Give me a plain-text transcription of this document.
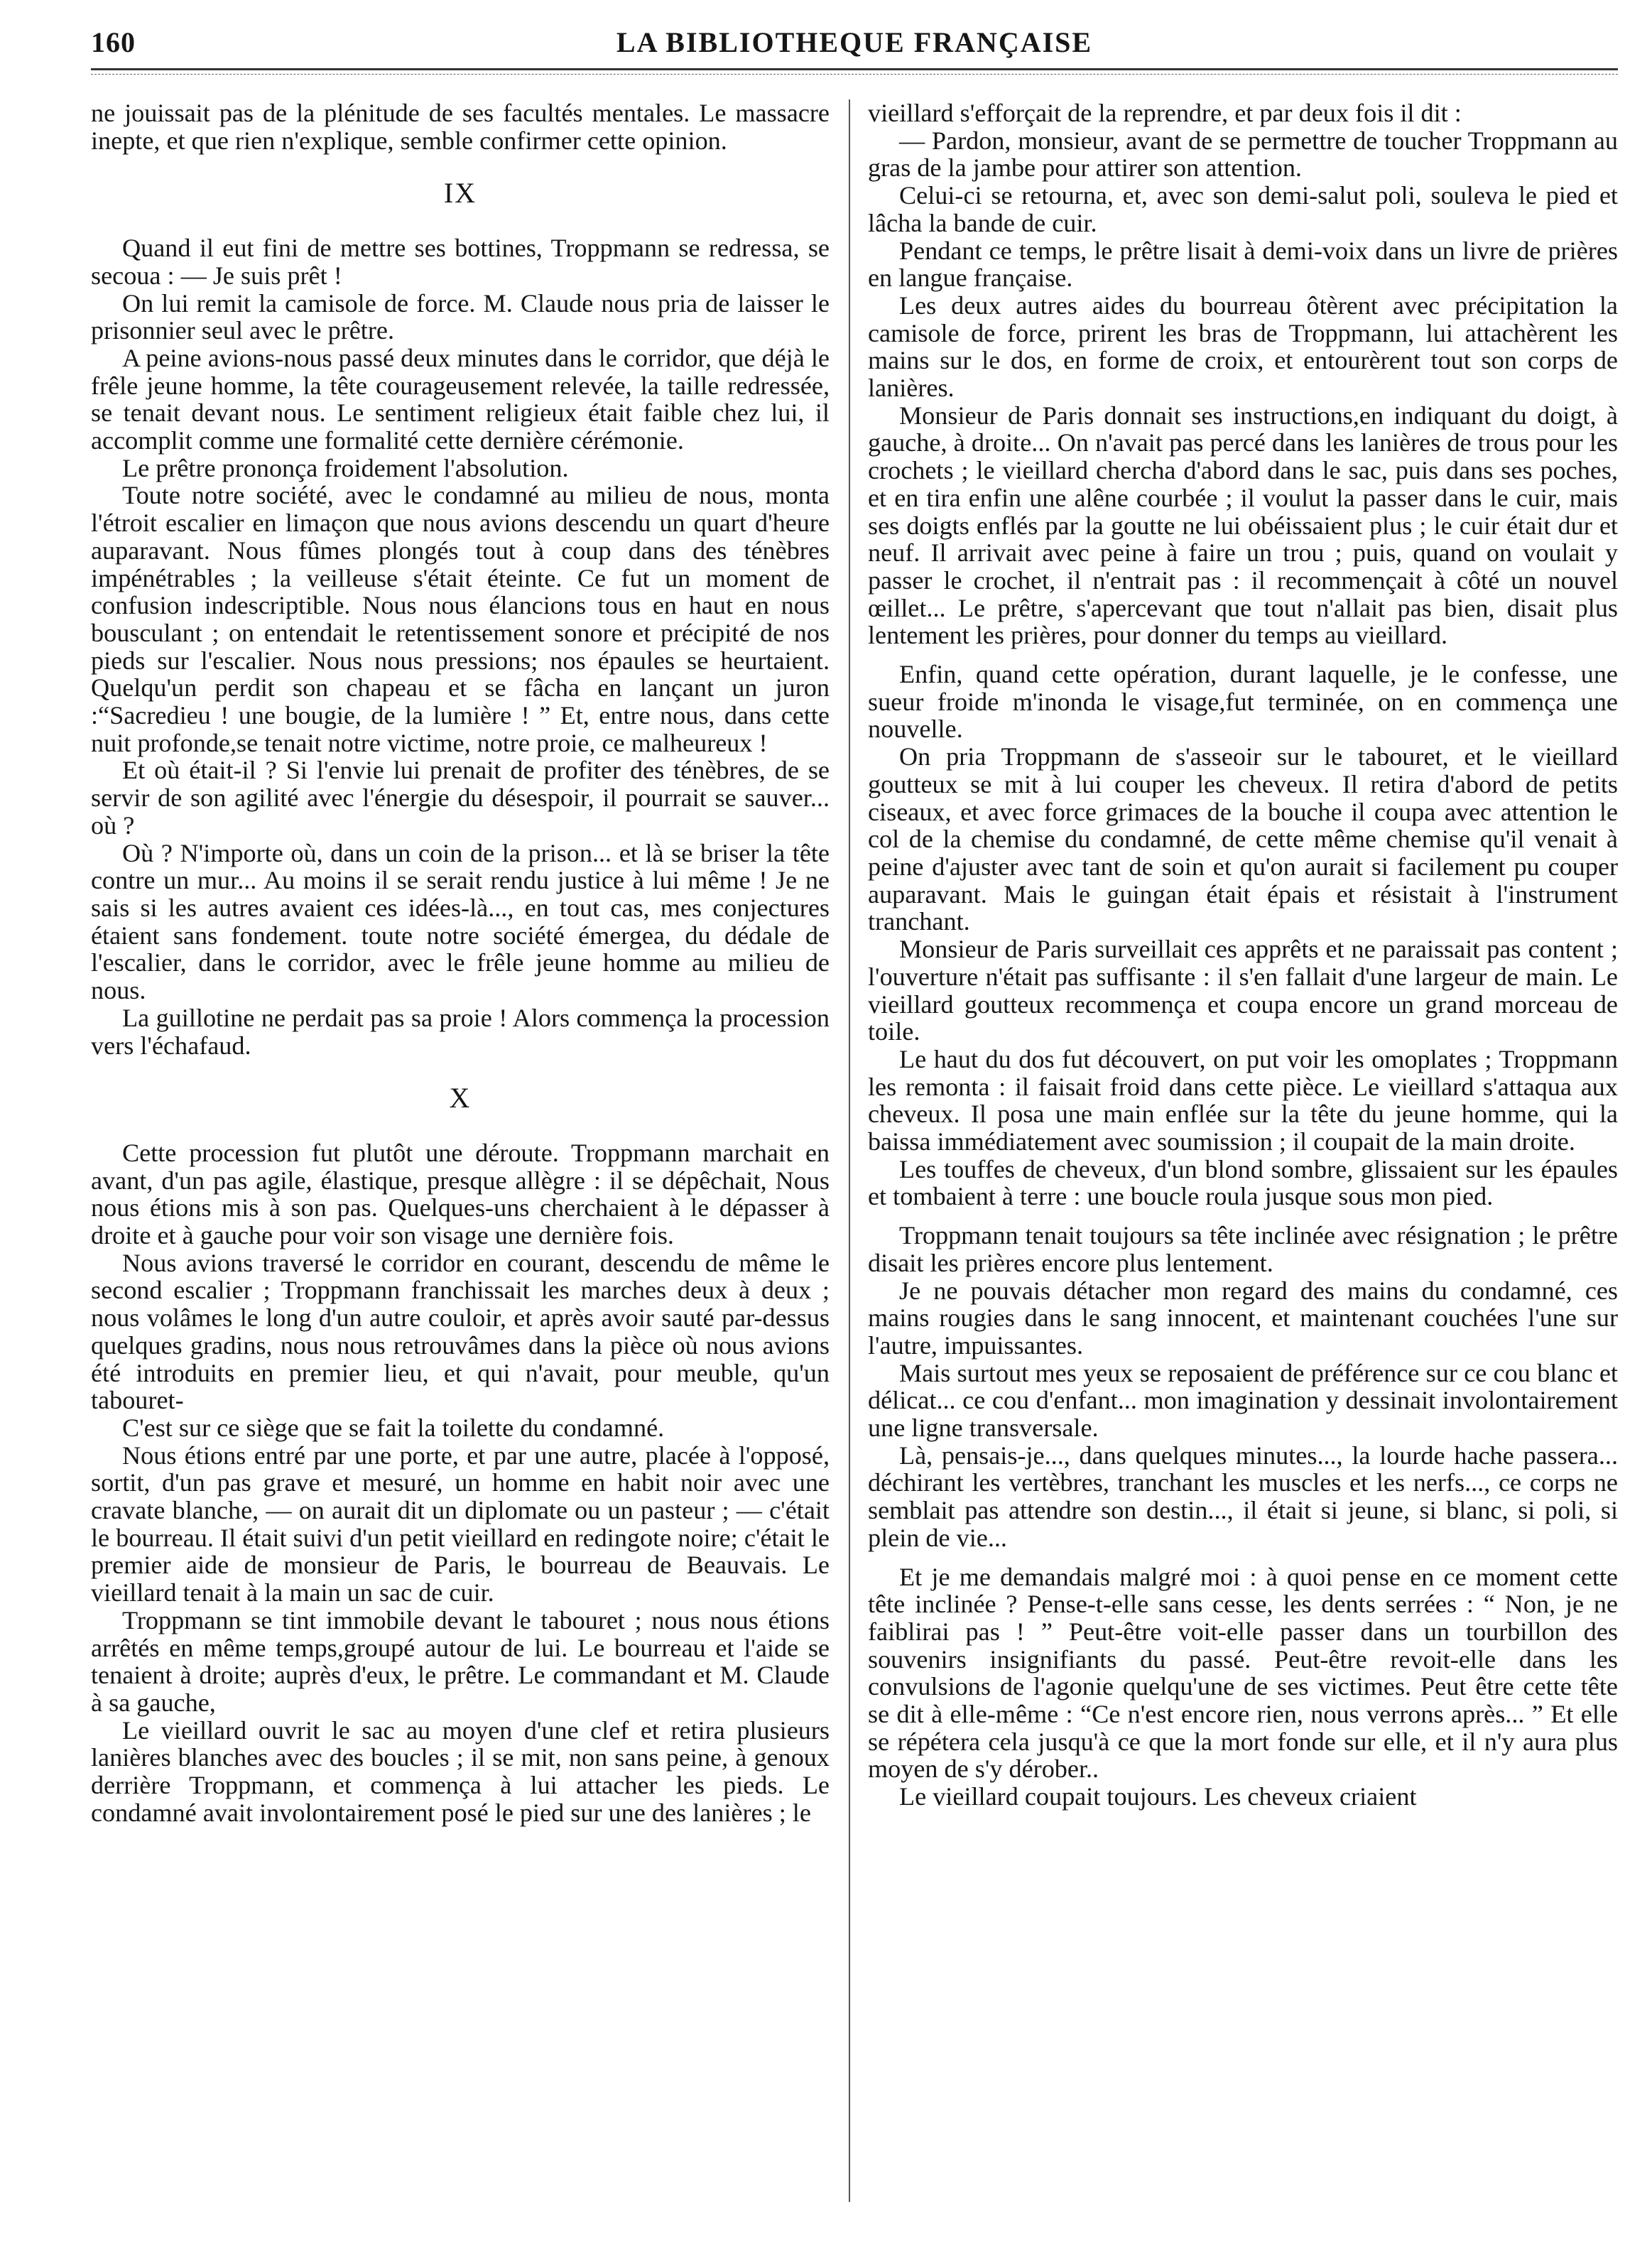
160	LA BIBLIOTHEQUE FRANÇAISE

ne jouissait pas de la plénitude de ses facultés mentales. Le massacre inepte, et que rien n'explique, semble confirmer cette opinion.

IX

Quand il eut fini de mettre ses bottines, Troppmann se redressa, se secoua : — Je suis prêt !

On lui remit la camisole de force. M. Claude nous pria de laisser le prisonnier seul avec le prêtre.

A peine avions-nous passé deux minutes dans le corridor, que déjà le frêle jeune homme, la tête courageusement relevée, la taille redressée, se tenait devant nous. Le sentiment religieux était faible chez lui, il accomplit comme une formalité cette dernière cérémonie.

Le prêtre prononça froidement l'absolution.

Toute notre société, avec le condamné au milieu de nous, monta l'étroit escalier en limaçon que nous avions descendu un quart d'heure auparavant. Nous fûmes plongés tout à coup dans des ténèbres impénétrables ; la veilleuse s'était éteinte. Ce fut un moment de confusion indescriptible. Nous nous élancions tous en haut en nous bousculant ; on entendait le retentissement sonore et précipité de nos pieds sur l'escalier. Nous nous pressions; nos épaules se heurtaient. Quelqu'un perdit son chapeau et se fâcha en lançant un juron :“Sacredieu ! une bougie, de la lumière ! ” Et, entre nous, dans cette nuit profonde,se tenait notre victime, notre proie, ce malheureux !

Et où était-il ? Si l'envie lui prenait de profiter des ténèbres, de se servir de son agilité avec l'énergie du désespoir, il pourrait se sauver... où ?

Où ? N'importe où, dans un coin de la prison... et là se briser la tête contre un mur... Au moins il se serait rendu justice à lui même ! Je ne sais si les autres avaient ces idées-là..., en tout cas, mes conjectures étaient sans fondement. toute notre société émergea, du dédale de l'escalier, dans le corridor, avec le frêle jeune homme au milieu de nous.

La guillotine ne perdait pas sa proie ! Alors commença la procession vers l'échafaud.

X

Cette procession fut plutôt une déroute. Troppmann marchait en avant, d'un pas agile, élastique, presque allègre : il se dépêchait, Nous nous étions mis à son pas. Quelques-uns cherchaient à le dépasser à droite et à gauche pour voir son visage une dernière fois.

Nous avions traversé le corridor en courant, descendu de même le second escalier ; Troppmann franchissait les marches deux à deux ; nous volâmes le long d'un autre couloir, et après avoir sauté par-dessus quelques gradins, nous nous retrouvâmes dans la pièce où nous avions été introduits en premier lieu, et qui n'avait, pour meuble, qu'un tabouret-

C'est sur ce siège que se fait la toilette du condamné.

Nous étions entré par une porte, et par une autre, placée à l'opposé, sortit, d'un pas grave et mesuré, un homme en habit noir avec une cravate blanche, — on aurait dit un diplomate ou un pasteur ; — c'était le bourreau. Il était suivi d'un petit vieillard en redingote noire; c'était le premier aide de monsieur de Paris, le bourreau de Beauvais. Le vieillard tenait à la main un sac de cuir.

Troppmann se tint immobile devant le tabouret ; nous nous étions arrêtés en même temps,groupé autour de lui. Le bourreau et l'aide se tenaient à droite; auprès d'eux, le prêtre. Le commandant et M. Claude à sa gauche,

Le vieillard ouvrit le sac au moyen d'une clef et retira plusieurs lanières blanches avec des boucles ; il se mit, non sans peine, à genoux derrière Troppmann, et commença à lui attacher les pieds. Le condamné avait involontairement posé le pied sur une des lanières ; le

vieillard s'efforçait de la reprendre, et par deux fois il dit :

— Pardon, monsieur, avant de se permettre de toucher Troppmann au gras de la jambe pour attirer son attention.

Celui-ci se retourna, et, avec son demi-salut poli, souleva le pied et lâcha la bande de cuir.

Pendant ce temps, le prêtre lisait à demi-voix dans un livre de prières en langue française.

Les deux autres aides du bourreau ôtèrent avec précipitation la camisole de force, prirent les bras de Troppmann, lui attachèrent les mains sur le dos, en forme de croix, et entourèrent tout son corps de lanières.

Monsieur de Paris donnait ses instructions,en indiquant du doigt, à gauche, à droite... On n'avait pas percé dans les lanières de trous pour les crochets ; le vieillard chercha d'abord dans le sac, puis dans ses poches, et en tira enfin une alêne courbée ; il voulut la passer dans le cuir, mais ses doigts enflés par la goutte ne lui obéissaient plus ; le cuir était dur et neuf. Il arrivait avec peine à faire un trou ; puis, quand on voulait y passer le crochet, il n'entrait pas : il recommençait à côté un nouvel œillet... Le prêtre, s'apercevant que tout n'allait pas bien, disait plus lentement les prières, pour donner du temps au vieillard.

Enfin, quand cette opération, durant laquelle, je le confesse, une sueur froide m'inonda le visage,fut terminée, on en commença une nouvelle.

On pria Troppmann de s'asseoir sur le tabouret, et le vieillard goutteux se mit à lui couper les cheveux. Il retira d'abord de petits ciseaux, et avec force grimaces de la bouche il coupa avec attention le col de la chemise du condamné, de cette même chemise qu'il venait à peine d'ajuster avec tant de soin et qu'on aurait si facilement pu couper auparavant. Mais le guingan était épais et résistait à l'instrument tranchant.

Monsieur de Paris surveillait ces apprêts et ne paraissait pas content ; l'ouverture n'était pas suffisante : il s'en fallait d'une largeur de main. Le vieillard goutteux recommença et coupa encore un grand morceau de toile.

Le haut du dos fut découvert, on put voir les omoplates ; Troppmann les remonta : il faisait froid dans cette pièce. Le vieillard s'attaqua aux cheveux. Il posa une main enflée sur la tête du jeune homme, qui la baissa immédiatement avec soumission ; il coupait de la main droite.

Les touffes de cheveux, d'un blond sombre, glissaient sur les épaules et tombaient à terre : une boucle roula jusque sous mon pied.

Troppmann tenait toujours sa tête inclinée avec résignation ; le prêtre disait les prières encore plus lentement.

Je ne pouvais détacher mon regard des mains du condamné, ces mains rougies dans le sang innocent, et maintenant couchées l'une sur l'autre, impuissantes.

Mais surtout mes yeux se reposaient de préférence sur ce cou blanc et délicat... ce cou d'enfant... mon imagination y dessinait involontairement une ligne transversale.

Là, pensais-je..., dans quelques minutes..., la lourde hache passera... déchirant les vertèbres, tranchant les muscles et les nerfs..., ce corps ne semblait pas attendre son destin..., il était si jeune, si blanc, si poli, si plein de vie...

Et je me demandais malgré moi : à quoi pense en ce moment cette tête inclinée ? Pense-t-elle sans cesse, les dents serrées : “ Non, je ne faiblirai pas ! ” Peut-être voit-elle passer dans un tourbillon des souvenirs insignifiants du passé. Peut-être revoit-elle dans les convulsions de l'agonie quelqu'une de ses victimes. Peut être cette tête se dit à elle-même : “Ce n'est encore rien, nous verrons après... ” Et elle se répétera cela jusqu'à ce que la mort fonde sur elle, et il n'y aura plus moyen de s'y dérober..

Le vieillard coupait toujours. Les cheveux criaient
